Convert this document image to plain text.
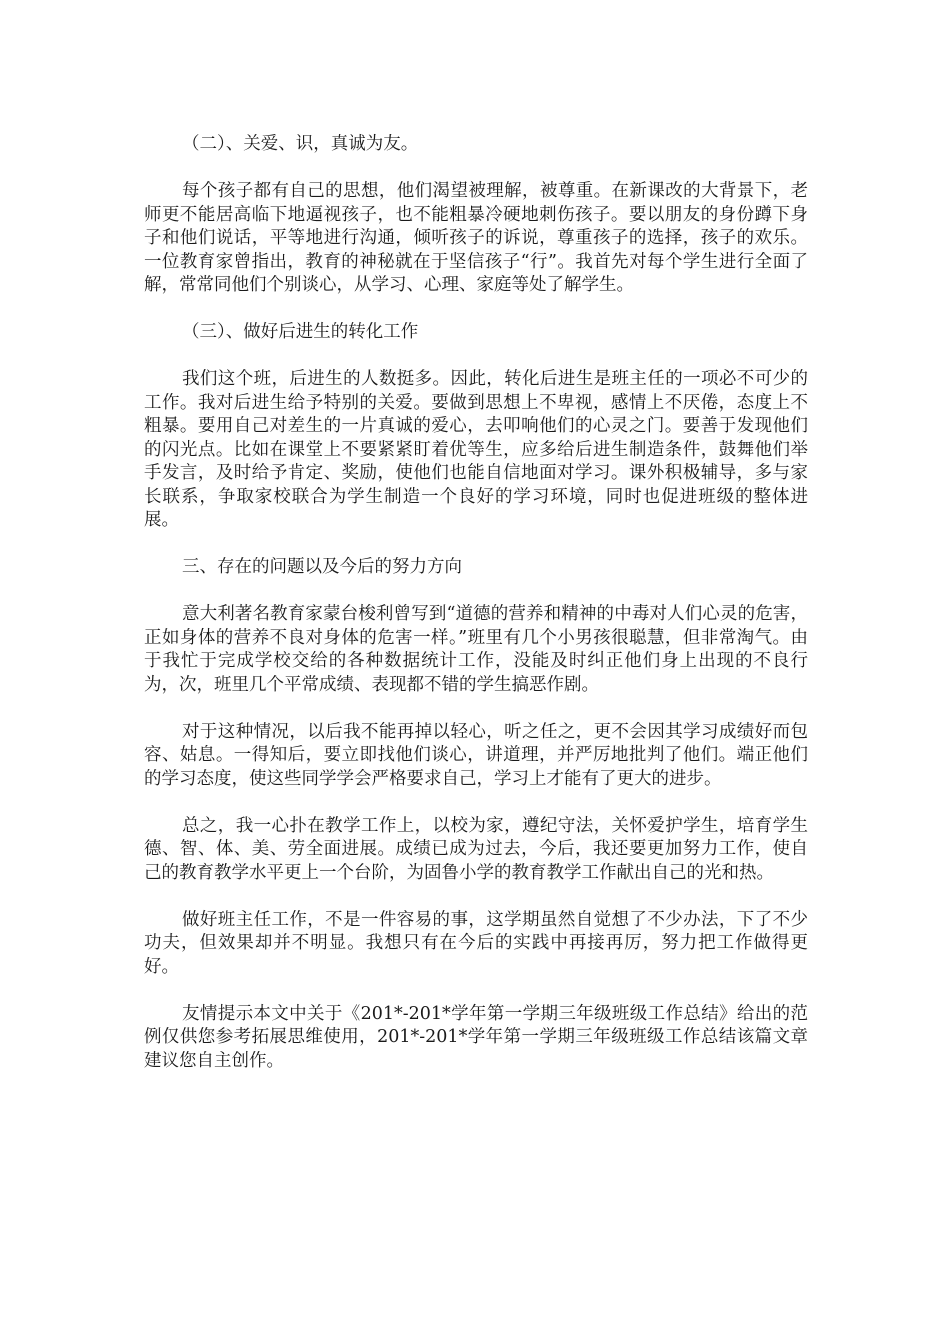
（二）、关爱、识，真诚为友。

每个孩子都有自己的思想，他们渴望被理解，被尊重。在新课改的大背景下，老师更不能居高临下地逼视孩子，也不能粗暴冷硬地刺伤孩子。要以朋友的身份蹲下身子和他们说话，平等地进行沟通，倾听孩子的诉说，尊重孩子的选择，孩子的欢乐。一位教育家曾指出，教育的神秘就在于坚信孩子“行”。我首先对每个学生进行全面了解，常常同他们个别谈心，从学习、心理、家庭等处了解学生。

（三）、做好后进生的转化工作

我们这个班，后进生的人数挺多。因此，转化后进生是班主任的一项必不可少的工作。我对后进生给予特别的关爱。要做到思想上不卑视，感情上不厌倦，态度上不粗暴。要用自己对差生的一片真诚的爱心，去叩响他们的心灵之门。要善于发现他们的闪光点。比如在课堂上不要紧紧盯着优等生，应多给后进生制造条件，鼓舞他们举手发言，及时给予肯定、奖励，使他们也能自信地面对学习。课外积极辅导，多与家长联系，争取家校联合为学生制造一个良好的学习环境，同时也促进班级的整体进展。

三、存在的问题以及今后的努力方向

意大利著名教育家蒙台梭利曾写到“道德的营养和精神的中毒对人们心灵的危害，正如身体的营养不良对身体的危害一样。”班里有几个小男孩很聪慧，但非常淘气。由于我忙于完成学校交给的各种数据统计工作，没能及时纠正他们身上出现的不良行为，次，班里几个平常成绩、表现都不错的学生搞恶作剧。

对于这种情况，以后我不能再掉以轻心，听之任之，更不会因其学习成绩好而包容、姑息。一得知后，要立即找他们谈心，讲道理，并严厉地批判了他们。端正他们的学习态度，使这些同学学会严格要求自己，学习上才能有了更大的进步。

总之，我一心扑在教学工作上，以校为家，遵纪守法，关怀爱护学生，培育学生德、智、体、美、劳全面进展。成绩已成为过去，今后，我还要更加努力工作，使自己的教育教学水平更上一个台阶，为固鲁小学的教育教学工作献出自己的光和热。

做好班主任工作，不是一件容易的事，这学期虽然自觉想了不少办法，下了不少功夫，但效果却并不明显。我想只有在今后的实践中再接再厉，努力把工作做得更好。

友情提示本文中关于《201*-201*学年第一学期三年级班级工作总结》给出的范例仅供您参考拓展思维使用，201*-201*学年第一学期三年级班级工作总结该篇文章建议您自主创作。
